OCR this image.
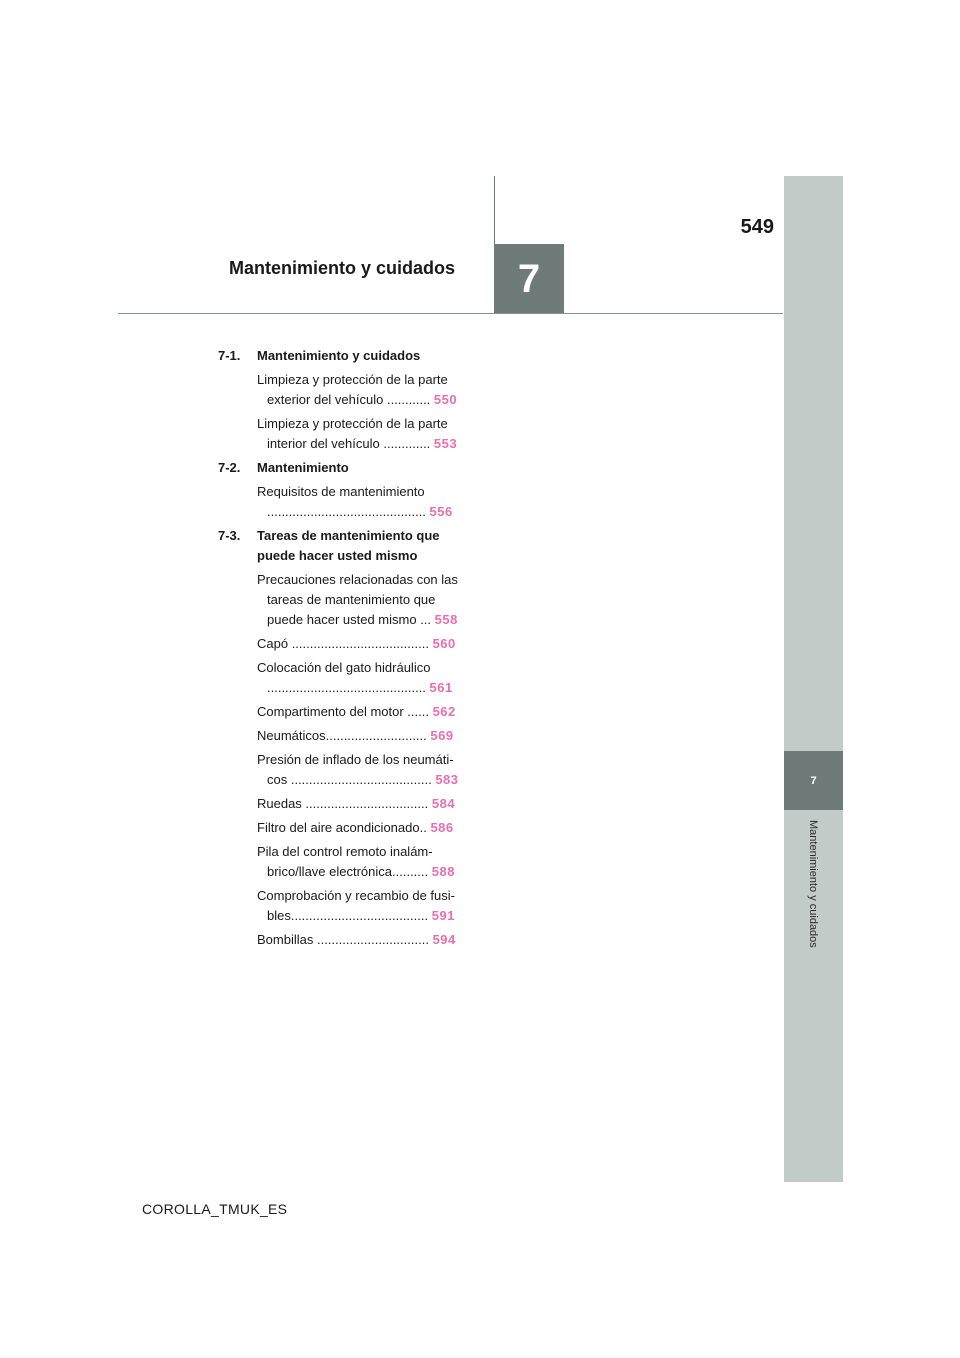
549
Mantenimiento y cuidados	7
7
Mantenimiento y cuidados
7-1. Mantenimiento y cuidados
Limpieza y protección de la parte exterior del vehículo ............ 550
Limpieza y protección de la parte interior del vehículo ............. 553
7-2. Mantenimiento
Requisitos de mantenimiento ............................................ 556
7-3. Tareas de mantenimiento que puede hacer usted mismo
Precauciones relacionadas con las tareas de mantenimiento que puede hacer usted mismo ... 558
Capó ...................................... 560
Colocación del gato hidráulico ............................................ 561
Compartimento del motor ...... 562
Neumáticos............................ 569
Presión de inflado de los neumáti-cos ....................................... 583
Ruedas .................................. 584
Filtro del aire acondicionado.. 586
Pila del control remoto inalám-brico/llave electrónica.......... 588
Comprobación y recambio de fusi-bles...................................... 591
Bombillas ............................... 594
COROLLA_TMUK_ES
